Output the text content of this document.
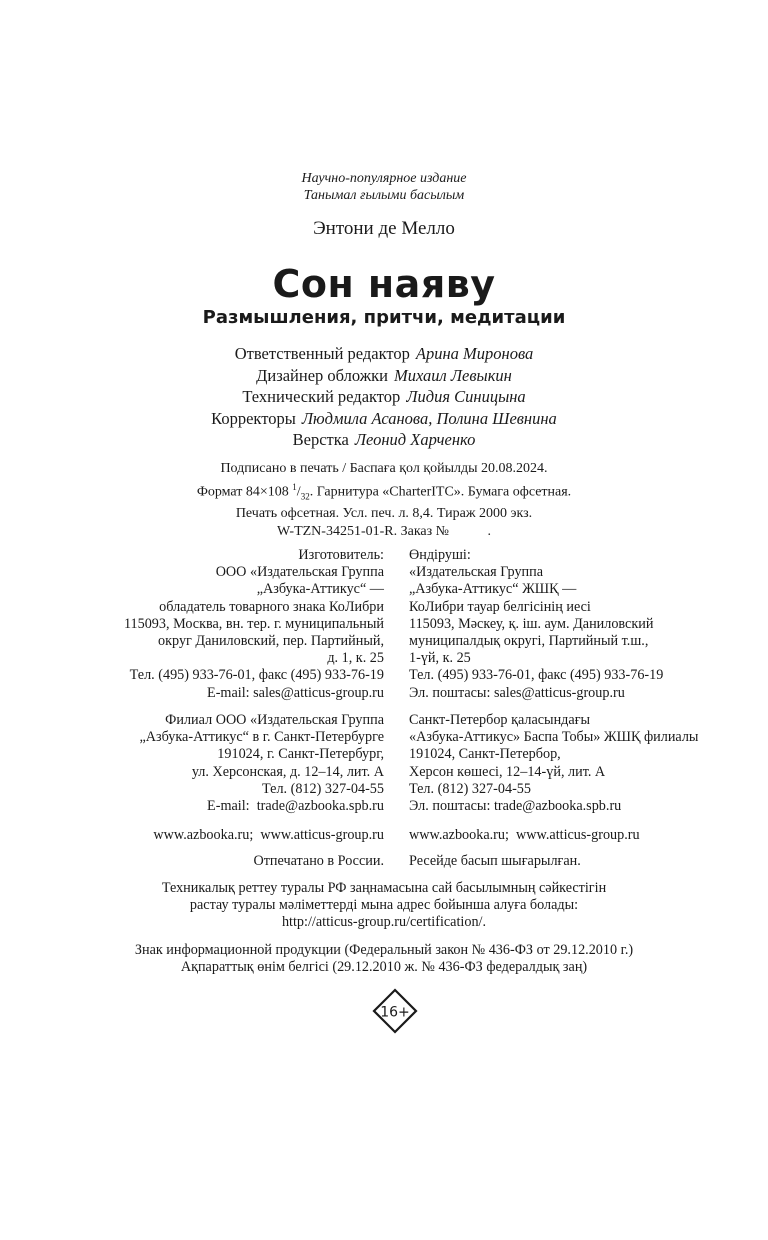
Научно-популярное издание
Танымал ғылыми басылым
Энтони де Мелло
Сон наяву
Размышления, притчи, медитации
Ответственный редактор Арина Миронова
Дизайнер обложки Михаил Левыкин
Технический редактор Лидия Синицына
Корректоры Людмила Асанова, Полина Шевнина
Верстка Леонид Харченко
Подписано в печать / Баспаға қол қойылды 20.08.2024.
Формат 84×108 $^1/_{32}$. Гарнитура «CharterITC». Бумага офсетная.
Печать офсетная. Усл. печ. л. 8,4. Тираж 2000 экз.
W-TZN-34251-01-R. Заказ №           .
Изготовитель:
ООО «Издательская Группа
„Азбука-Аттикус“ —
обладатель товарного знака КоЛибри
115093, Москва, вн. тер. г. муниципальный
округ Даниловский, пер. Партийный,
д. 1, к. 25
Тел. (495) 933-76-01, факс (495) 933-76-19
E-mail: sales@atticus-group.ru
Өндіруші:
«Издательская Группа
„Азбука-Аттикус“ ЖШҚ —
КоЛибри тауар белгісінің иесі
115093, Мәскеу, қ. іш. аум. Даниловский
муниципалдық округі, Партийный т.ш.,
1-үй, к. 25
Тел. (495) 933-76-01, факс (495) 933-76-19
Эл. поштасы: sales@atticus-group.ru
Филиал ООО «Издательская Группа
„Азбука-Аттикус“ в г. Санкт-Петербурге
191024, г. Санкт-Петербург,
ул. Херсонская, д. 12–14, лит. А
Тел. (812) 327-04-55
E-mail:  trade@azbooka.spb.ru
Санкт-Петербор қаласындағы
«Азбука-Аттикус» Баспа Тобы» ЖШҚ филиалы
191024, Санкт-Петербор,
Херсон көшесі, 12–14-үй, лит. А
Тел. (812) 327-04-55
Эл. поштасы: trade@azbooka.spb.ru
www.azbooka.ru;  www.atticus-group.ru www.azbooka.ru;  www.atticus-group.ru
Отпечатано в России. Ресейде басып шығарылған.
Техникалық реттеу туралы РФ заңнамасына сай басылымның сәйкестігін
растау туралы мәліметтерді мына адрес бойынша алуға болады:
http://atticus-group.ru/certification/.
Знак информационной продукции (Федеральный закон № 436-ФЗ от 29.12.2010 г.)
Ақпараттық өнім белгісі (29.12.2010 ж. № 436-ФЗ федералдық заң)
16+
